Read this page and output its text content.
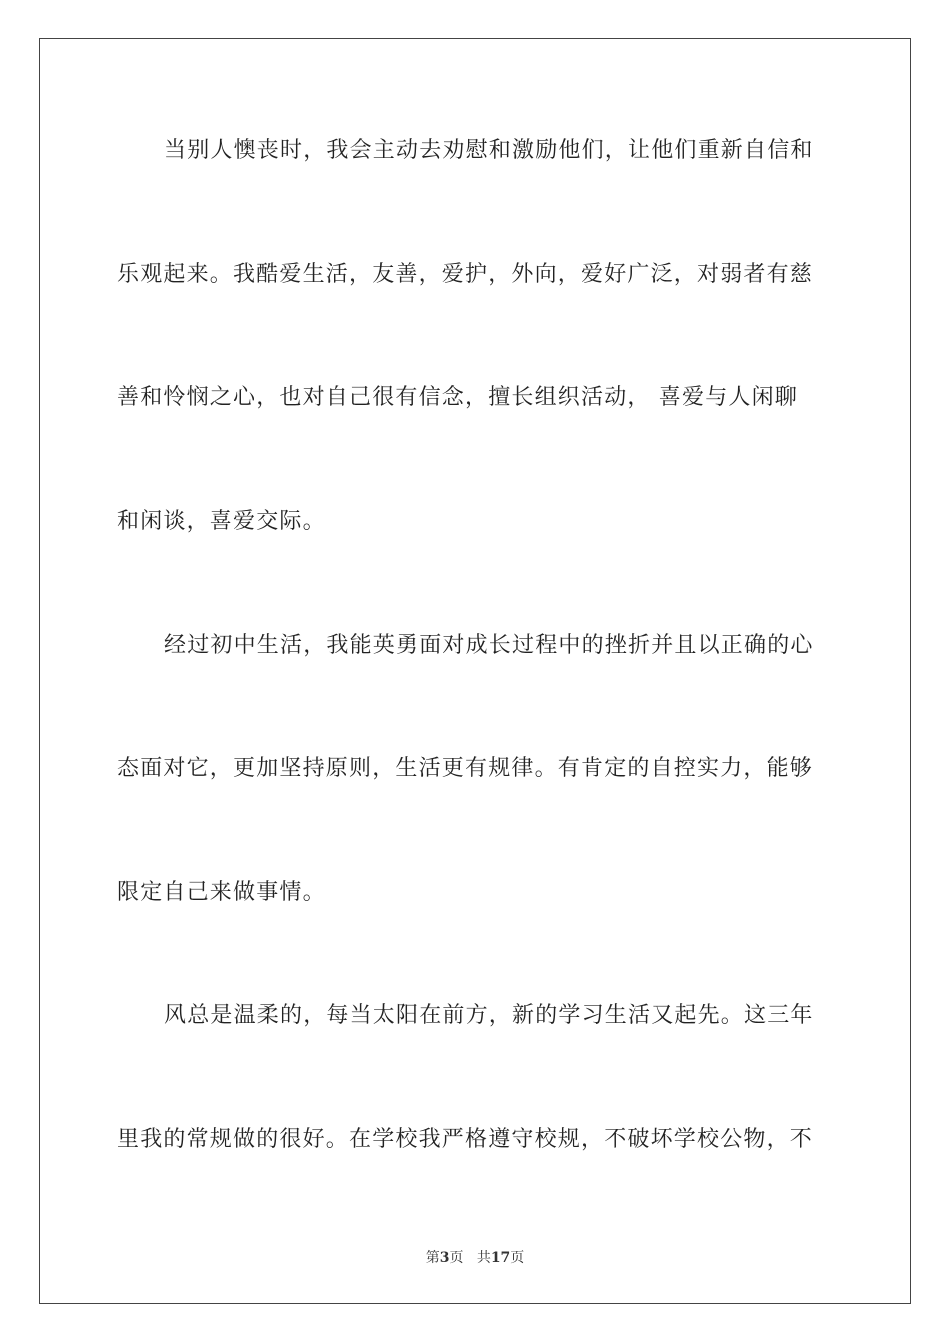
当别人懊丧时，我会主动去劝慰和激励他们，让他们重新自信和
乐观起来。我酷爱生活，友善，爱护，外向，爱好广泛，对弱者有慈
善和怜悯之心，也对自己很有信念，擅长组织活动， 喜爱与人闲聊
和闲谈，喜爱交际。
经过初中生活，我能英勇面对成长过程中的挫折并且以正确的心
态面对它，更加坚持原则，生活更有规律。有肯定的自控实力，能够
限定自己来做事情。
风总是温柔的，每当太阳在前方，新的学习生活又起先。这三年
里我的常规做的很好。在学校我严格遵守校规，不破坏学校公物，不
第3页 共17页
